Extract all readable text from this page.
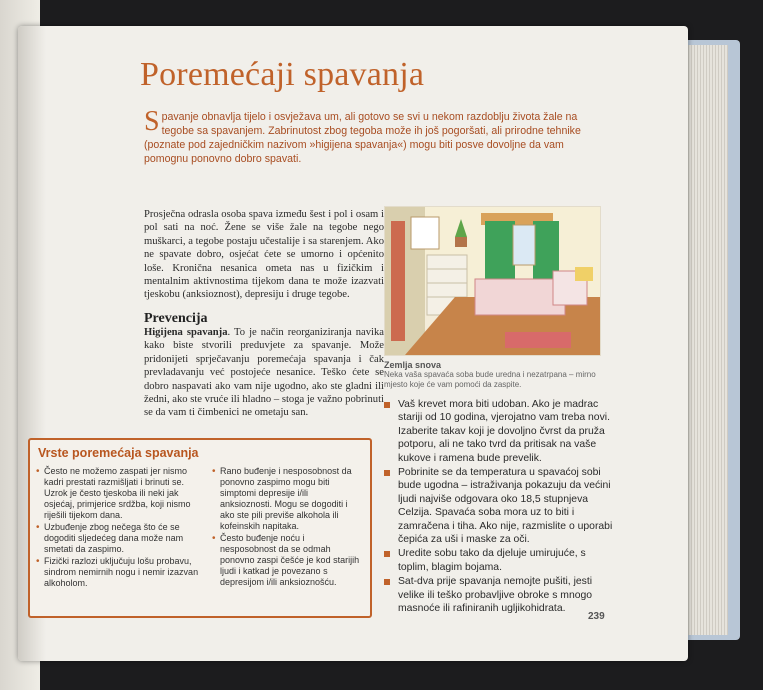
Poremećaji spavanja

Spavanje obnavlja tijelo i osvježava um, ali gotovo se svi u nekom razdoblju života žale na tegobe sa spavanjem. Zabrinutost zbog tegoba može ih još pogoršati, ali prirodne tehnike (poznate pod zajedničkim nazivom »higijena spavanja«) mogu biti posve dovoljne da vam pomognu ponovno dobro spavati.

Prosječna odrasla osoba spava između šest i pol i osam i pol sati na noć. Žene se više žale na tegobe nego muškarci, a tegobe postaju učestalije i sa starenjem. Ako ne spavate dobro, osjećat ćete se umorno i općenito loše. Kronična nesanica ometa nas u fizičkim i mentalnim aktivnostima tijekom dana te može izazvati tjeskobu (anksioznost), depresiju i druge tegobe.

Prevencija

Higijena spavanja. To je način reorganiziranja navika kako biste stvorili preduvjete za spavanje. Može pridonijeti sprječavanju poremećaja spavanja i čak prevladavanju već postojeće nesanice. Teško ćete se dobro naspavati ako vam nije ugodno, ako ste gladni ili žedni, ako ste vruće ili hladno – stoga je važno pobrinuti se da vam ti čimbenici ne ometaju san.

Zemlja snova

Neka vaša spavaća soba bude uredna i nezatrpana – mirno mjesto koje će vam pomoći da zaspite.

Vaš krevet mora biti udoban. Ako je madrac stariji od 10 godina, vjerojatno vam treba novi. Izaberite takav koji je dovoljno čvrst da pruža potporu, ali ne tako tvrd da pritisak na vaše kukove i ramena bude prevelik.
Pobrinite se da temperatura u spavaćoj sobi bude ugodna – istraživanja pokazuju da većini ljudi najviše odgovara oko 18,5 stupnjeva Celzija. Spavaća soba mora uz to biti i zamračena i tiha. Ako nije, razmislite o uporabi čepića za uši i maske za oči.
Uredite sobu tako da djeluje umirujuće, s toplim, blagim bojama.
Sat-dva prije spavanja nemojte pušiti, jesti velike ili teško probavljive obroke s mnogo masnoće ili rafiniranih ugljikohidrata.
Vrste poremećaja spavanja
• Često ne možemo zaspati jer nismo kadri prestati razmišljati i brinuti se. Uzrok je često tjeskoba ili neki jak osjećaj, primjerice srdžba, koji nismo riješili tijekom dana.
• Uzbuđenje zbog nečega što će se dogoditi sljedećeg dana može nam smetati da zaspimo.
• Fizički razlozi uključuju lošu probavu, sindrom nemirnih nogu i nemir izazvan alkoholom.
• Rano buđenje i nesposobnost da ponovno zaspimo mogu biti simptomi depresije i/ili anksioznosti. Mogu se dogoditi i ako ste pili previše alkohola ili kofeinskih napitaka.
• Često buđenje noću i nesposobnost da se odmah ponovno zaspi češće je kod starijih ljudi i katkad je povezano s depresijom i/ili anksioznošću.

239
